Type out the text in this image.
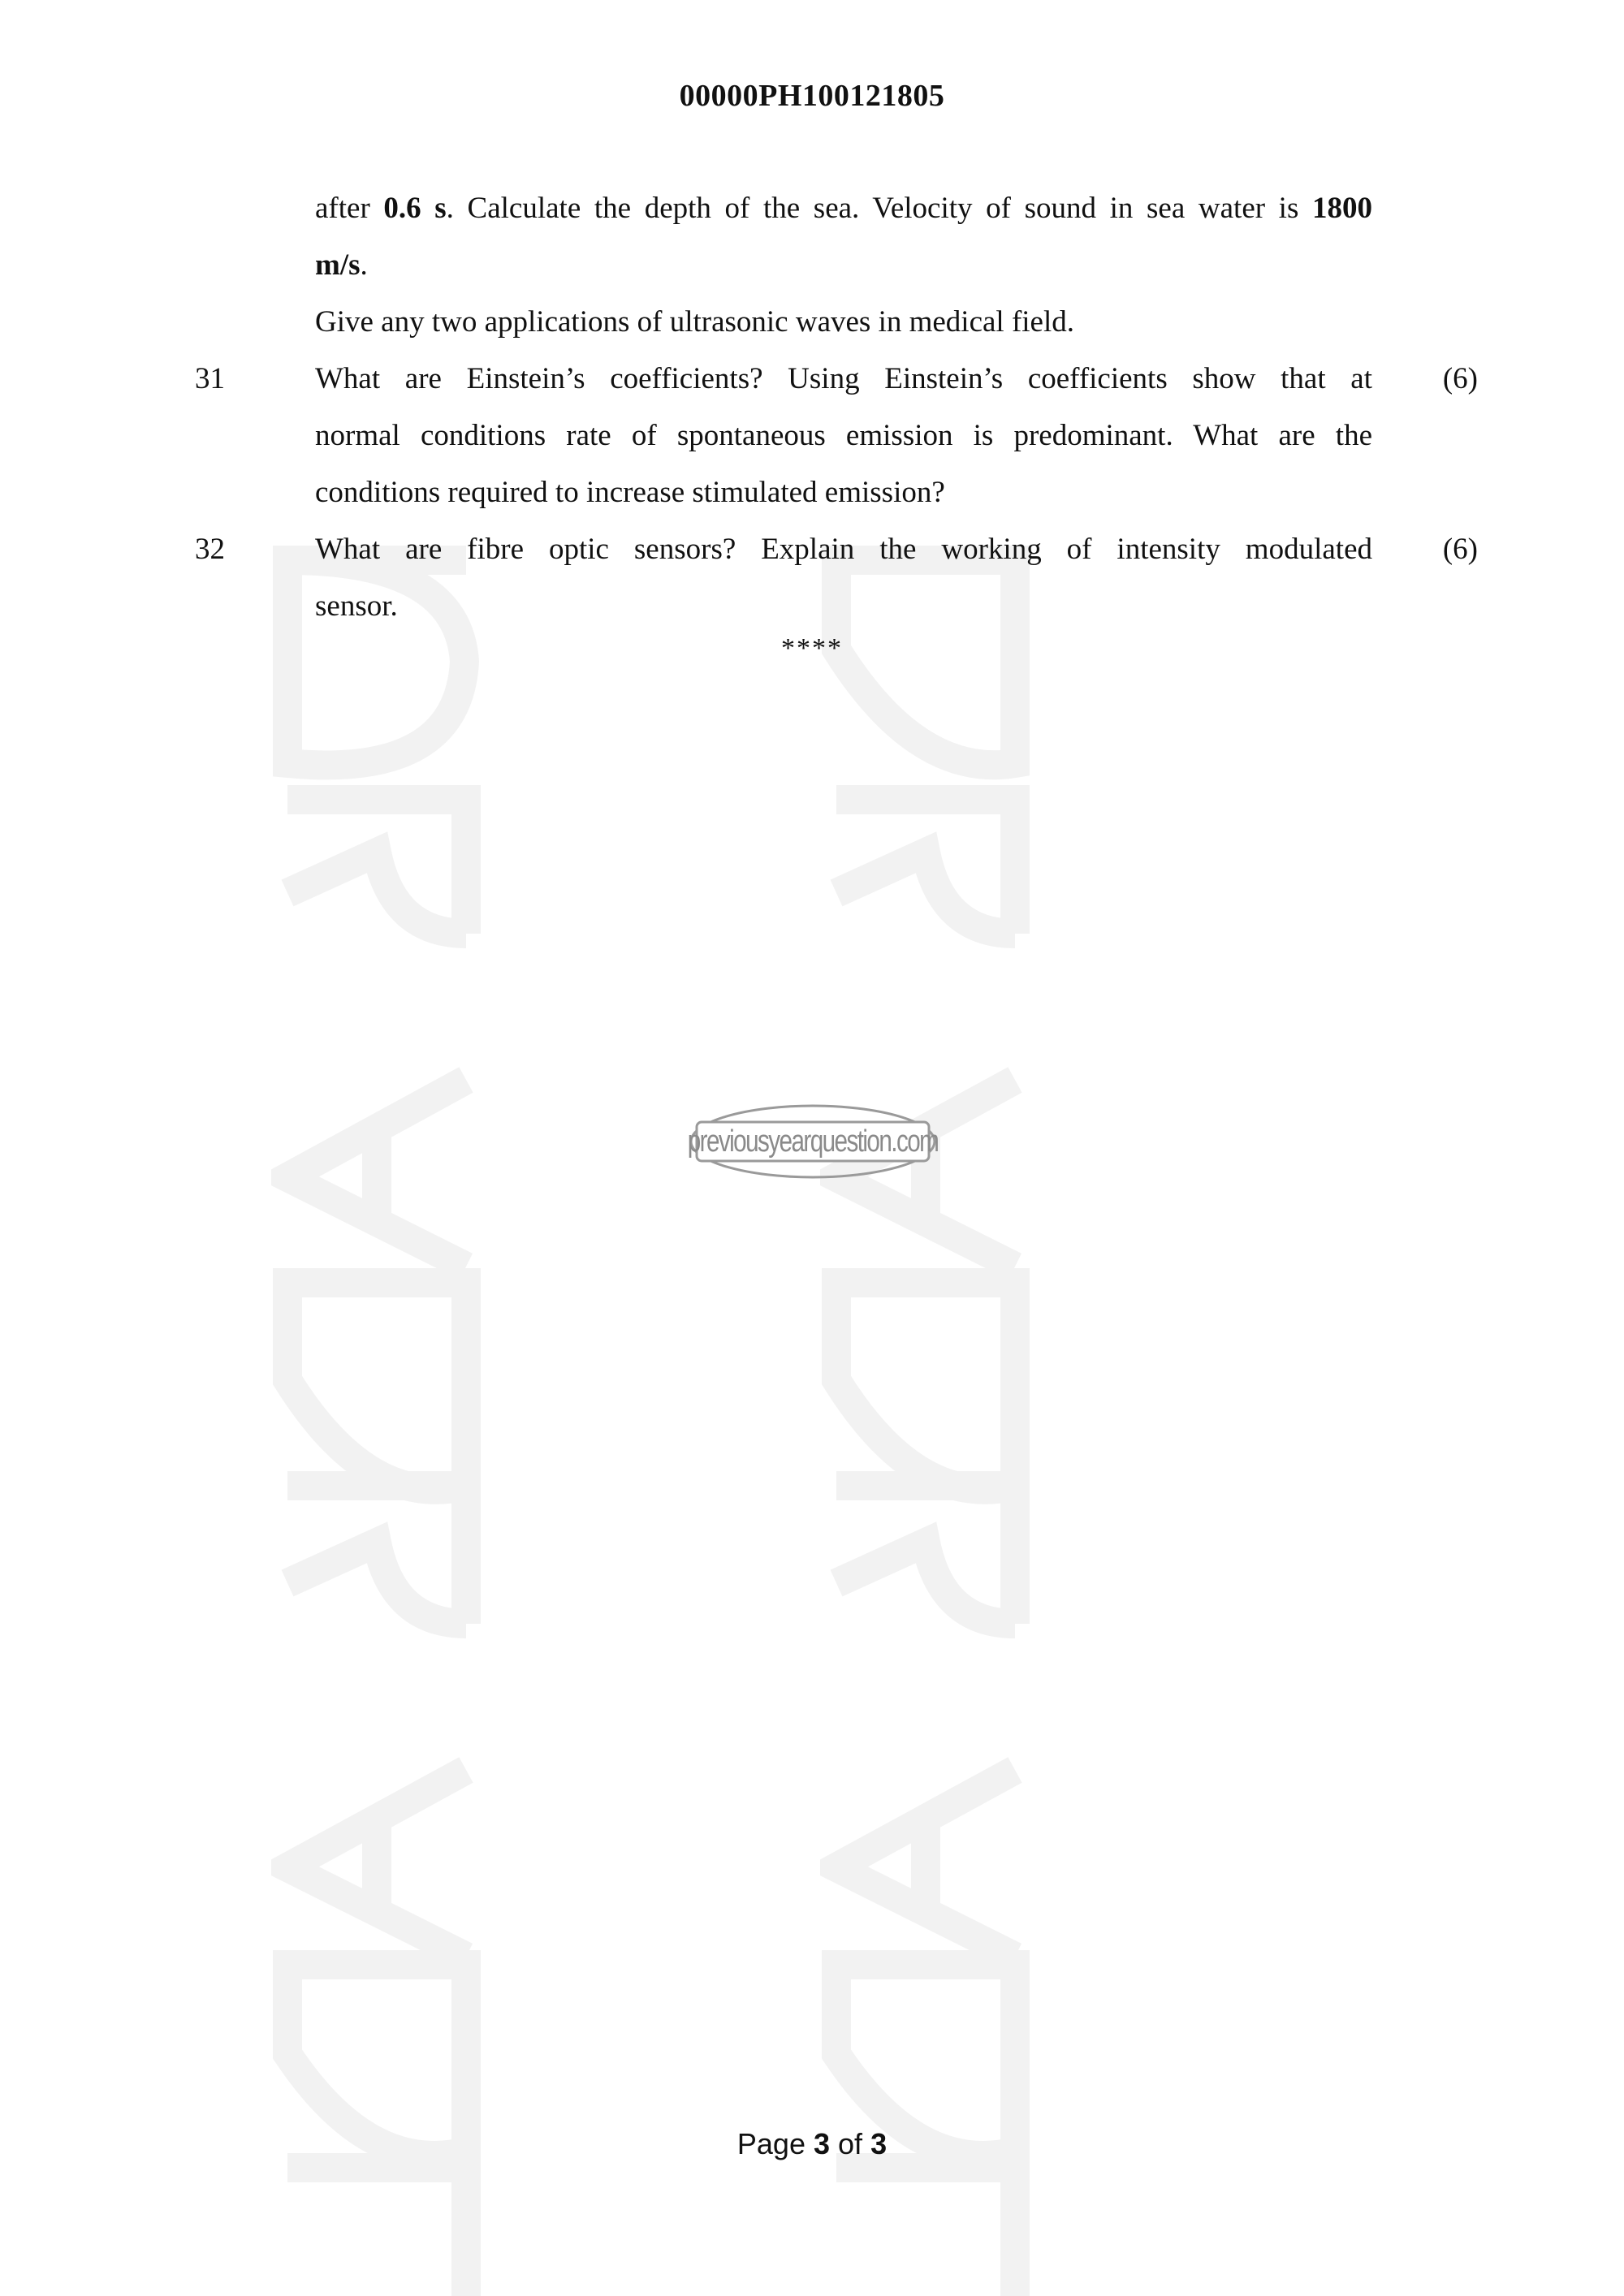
00000PH100121805
after 0.6 s. Calculate the depth of the sea. Velocity of sound in sea water is 1800
m/s.
Give any two applications of ultrasonic waves in medical field.
31	What are Einstein’s coefficients? Using Einstein’s coefficients show that at	(6)
normal conditions rate of spontaneous emission is predominant. What are the
conditions required to increase stimulated emission?
32	What are fibre optic sensors? Explain the working of intensity modulated	(6)
sensor.
****
previousyearquestion.com
Page 3 of 3
